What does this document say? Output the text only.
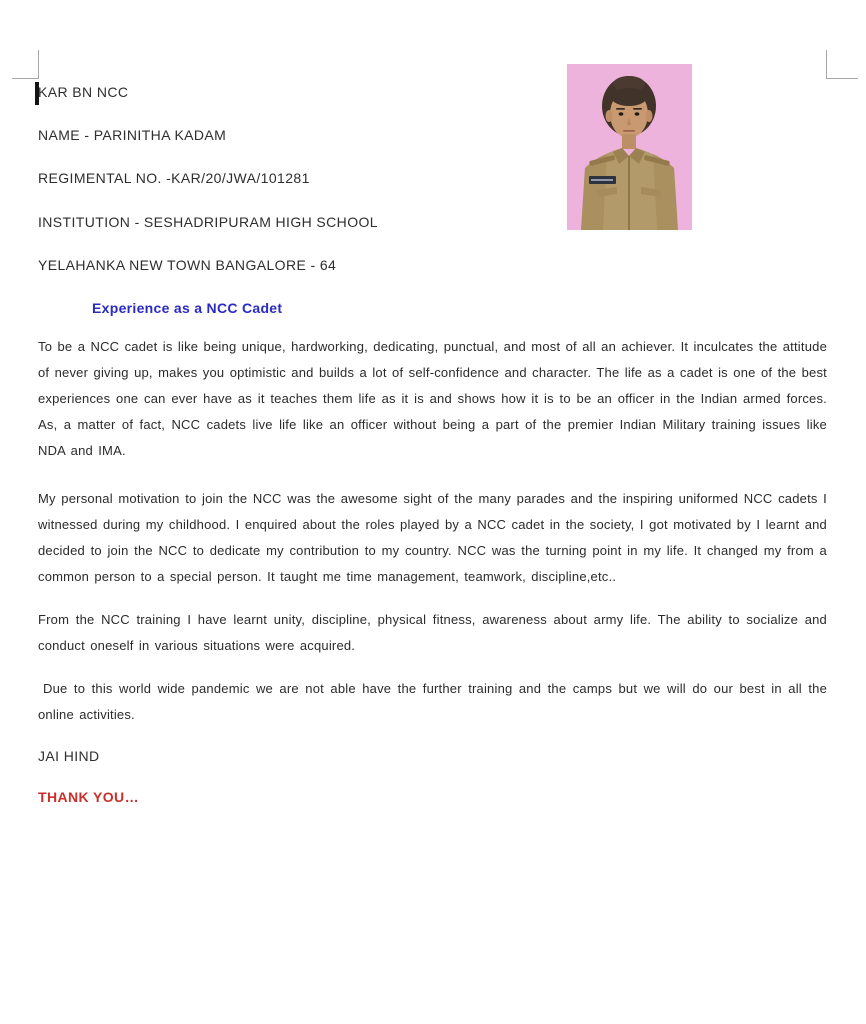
KAR BN NCC
NAME - PARINITHA KADAM
REGIMENTAL NO. -KAR/20/JWA/101281
INSTITUTION - SESHADRIPURAM HIGH SCHOOL
YELAHANKA NEW TOWN BANGALORE - 64
Experience as a NCC Cadet
To be a NCC cadet is like being unique, hardworking, dedicating, punctual, and most of all an achiever. It inculcates the attitude of never giving up, makes you optimistic and builds a lot of self-confidence and character. The life as a cadet is one of the best experiences one can ever have as it teaches them life as it is and shows how it is to be an officer in the Indian armed forces. As, a matter of fact, NCC cadets live life like an officer without being a part of the premier Indian Military training issues like NDA and IMA.
My personal motivation to join the NCC was the awesome sight of the many parades and the inspiring uniformed NCC cadets I witnessed during my childhood. I enquired about the roles played by a NCC cadet in the society, I got motivated by I learnt and decided to join the NCC to dedicate my contribution to my country. NCC was the turning point in my life. It changed my from a common person to a special person. It taught me time management, teamwork, discipline,etc..
From the NCC training I have learnt unity, discipline, physical fitness, awareness about army life. The ability to socialize and conduct oneself in various situations were acquired.
Due to this world wide pandemic we are not able have the further training and the camps but we will do our best in all the online activities.
JAI HIND
THANK YOU…
